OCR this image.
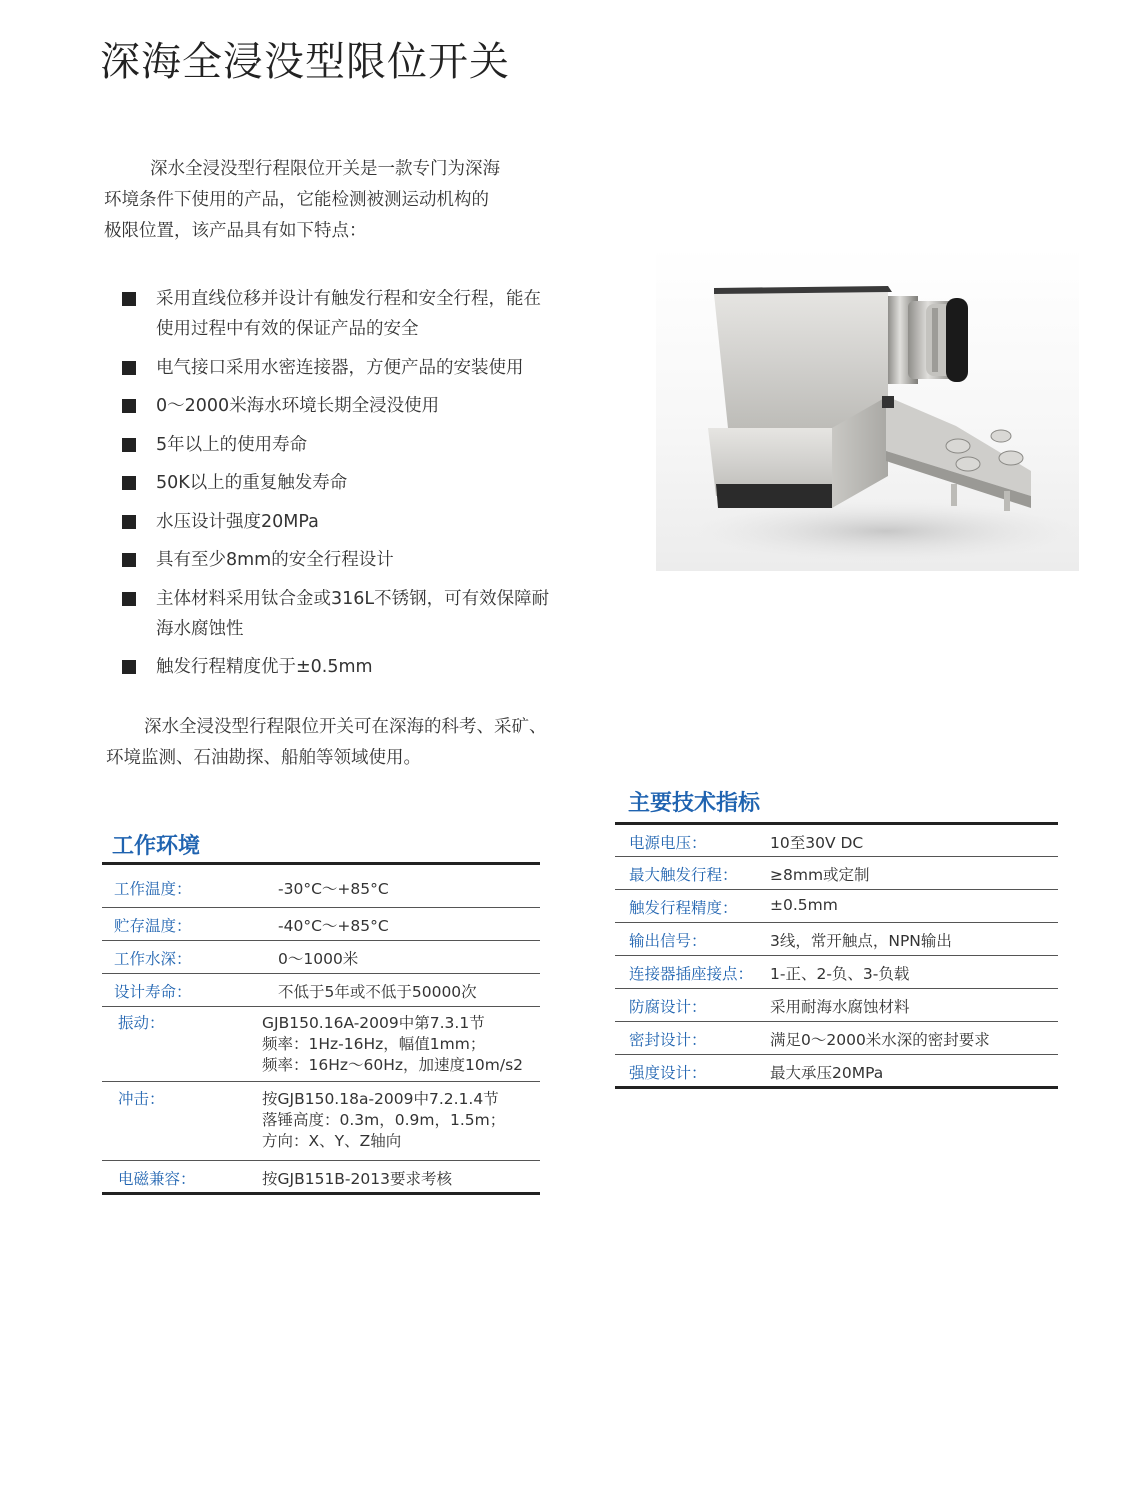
深海全浸没型限位开关
深水全浸没型行程限位开关是一款专门为深海
环境条件下使用的产品，它能检测被测运动机构的
极限位置，该产品具有如下特点：
采用直线位移并设计有触发行程和安全行程，能在
使用过程中有效的保证产品的安全
电气接口采用水密连接器，方便产品的安装使用
0～2000米海水环境长期全浸没使用
5年以上的使用寿命
50K以上的重复触发寿命
水压设计强度20MPa
具有至少8mm的安全行程设计
主体材料采用钛合金或316L不锈钢，可有效保障耐
海水腐蚀性
触发行程精度优于±0.5mm
深水全浸没型行程限位开关可在深海的科考、采矿、
环境监测、石油勘探、船舶等领域使用。
工作环境
工作温度：	-30°C～+85°C
贮存温度：	-40°C～+85°C
工作水深：	0～1000米
设计寿命：	不低于5年或不低于50000次
振动：	GJB150.16A-2009中第7.3.1节
频率：1Hz-16Hz，幅值1mm；
频率：16Hz～60Hz，加速度10m/s2

冲击：	按GJB150.18a-2009中7.2.1.4节
落锤高度：0.3m，0.9m，1.5m；
方向：X、Y、Z轴向

电磁兼容：	按GJB151B-2013要求考核
主要技术指标
电源电压：	10至30V DC
最大触发行程：	≥8mm或定制
触发行程精度：	±0.5mm
输出信号：	3线，常开触点，NPN输出
连接器插座接点：	1-正、2-负、3-负载
防腐设计：	采用耐海水腐蚀材料
密封设计：	满足0～2000米水深的密封要求
强度设计：	最大承压20MPa
